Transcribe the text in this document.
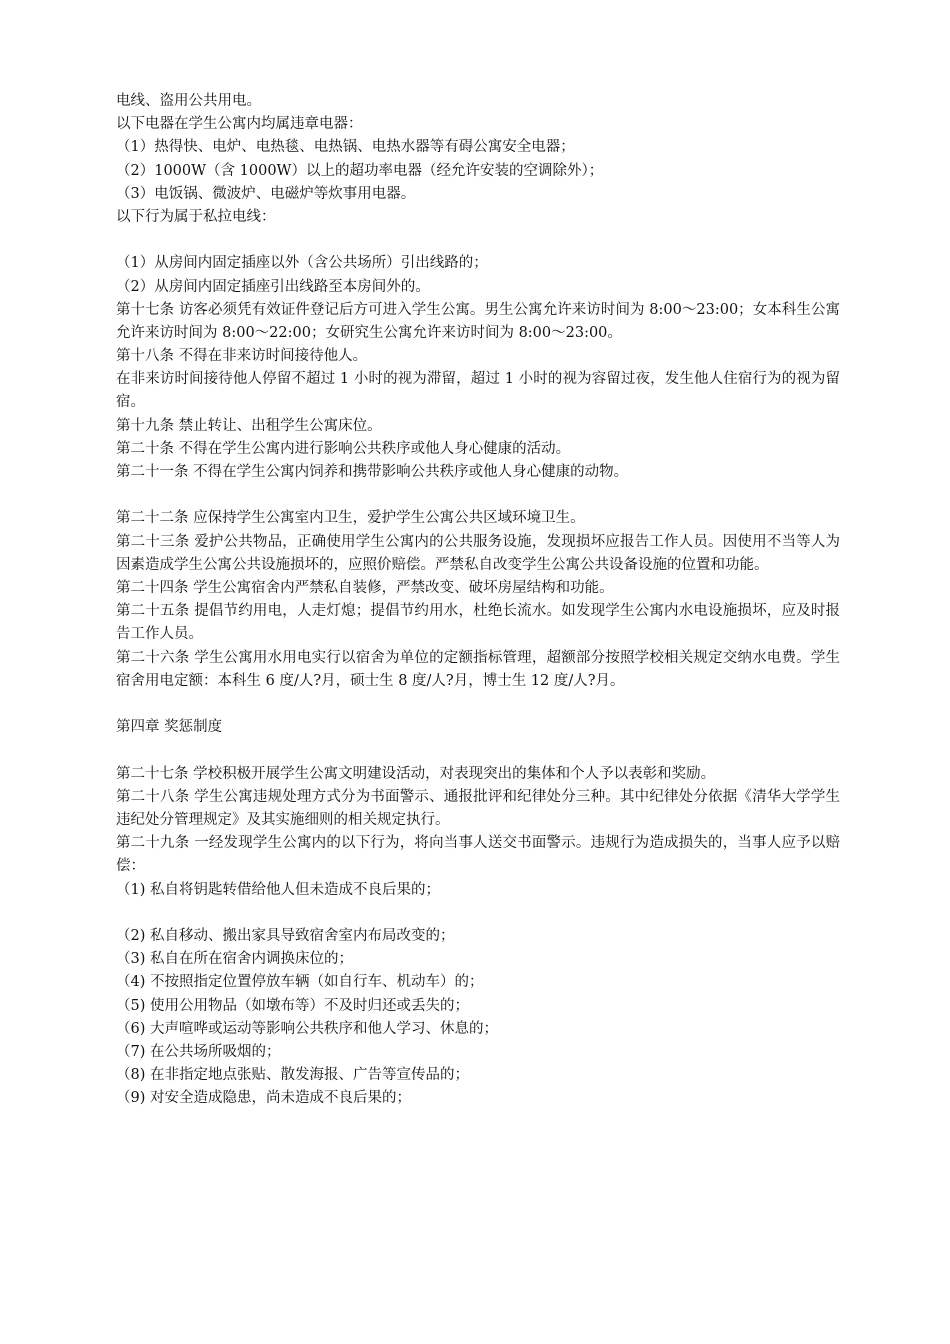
电线、盗用公共用电。
以下电器在学生公寓内均属违章电器：
（1）热得快、电炉、电热毯、电热锅、电热水器等有碍公寓安全电器；
（2）1000W（含 1000W）以上的超功率电器（经允许安装的空调除外）；
（3）电饭锅、微波炉、电磁炉等炊事用电器。
以下行为属于私拉电线：
（1）从房间内固定插座以外（含公共场所）引出线路的；
（2）从房间内固定插座引出线路至本房间外的。
第十七条 访客必须凭有效证件登记后方可进入学生公寓。男生公寓允许来访时间为 8:00～23:00；女本科生公寓允许来访时间为 8:00～22:00；女研究生公寓允许来访时间为 8:00～23:00。
第十八条 不得在非来访时间接待他人。
在非来访时间接待他人停留不超过 1 小时的视为滞留，超过 1 小时的视为容留过夜，发生他人住宿行为的视为留宿。
第十九条 禁止转让、出租学生公寓床位。
第二十条 不得在学生公寓内进行影响公共秩序或他人身心健康的活动。
第二十一条 不得在学生公寓内饲养和携带影响公共秩序或他人身心健康的动物。
第二十二条 应保持学生公寓室内卫生，爱护学生公寓公共区域环境卫生。
第二十三条 爱护公共物品，正确使用学生公寓内的公共服务设施，发现损坏应报告工作人员。因使用不当等人为因素造成学生公寓公共设施损坏的，应照价赔偿。严禁私自改变学生公寓公共设备设施的位置和功能。
第二十四条 学生公寓宿舍内严禁私自装修，严禁改变、破坏房屋结构和功能。
第二十五条 提倡节约用电，人走灯熄；提倡节约用水，杜绝长流水。如发现学生公寓内水电设施损坏，应及时报告工作人员。
第二十六条 学生公寓用水用电实行以宿舍为单位的定额指标管理，超额部分按照学校相关规定交纳水电费。学生宿舍用电定额：本科生 6 度/人?月，硕士生 8 度/人?月，博士生 12 度/人?月。
第四章 奖惩制度
第二十七条 学校积极开展学生公寓文明建设活动，对表现突出的集体和个人予以表彰和奖励。
第二十八条 学生公寓违规处理方式分为书面警示、通报批评和纪律处分三种。其中纪律处分依据《清华大学学生违纪处分管理规定》及其实施细则的相关规定执行。
第二十九条 一经发现学生公寓内的以下行为，将向当事人送交书面警示。违规行为造成损失的，当事人应予以赔偿：
（1) 私自将钥匙转借给他人但未造成不良后果的；
（2) 私自移动、搬出家具导致宿舍室内布局改变的；
（3) 私自在所在宿舍内调换床位的；
（4) 不按照指定位置停放车辆（如自行车、机动车）的；
（5) 使用公用物品（如墩布等）不及时归还或丢失的；
（6) 大声喧哗或运动等影响公共秩序和他人学习、休息的；
（7) 在公共场所吸烟的；
（8) 在非指定地点张贴、散发海报、广告等宣传品的；
（9) 对安全造成隐患，尚未造成不良后果的；
